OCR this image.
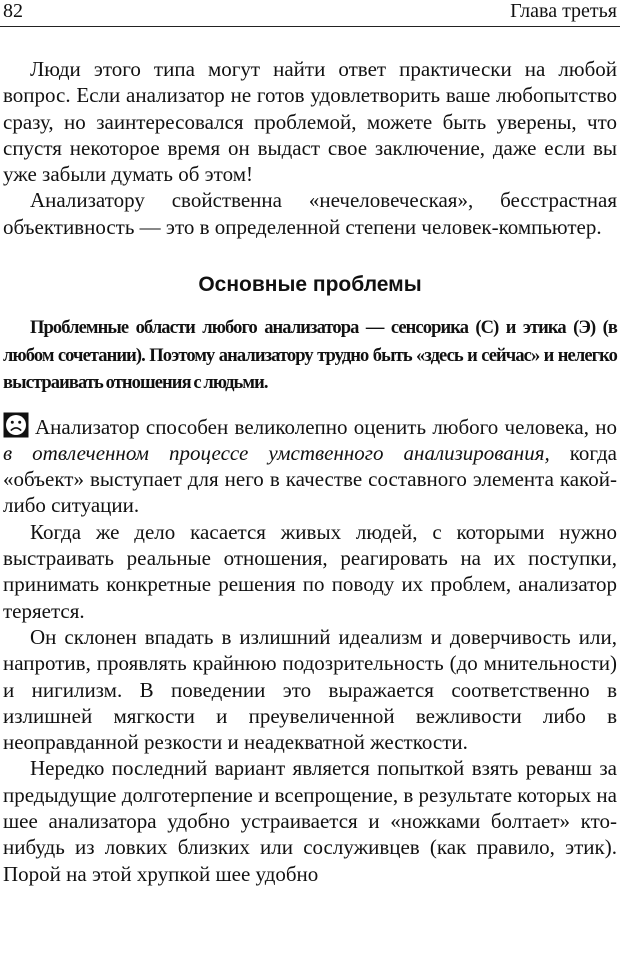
82	Глава третья

Люди этого типа могут найти ответ практически на любой вопрос. Если анализатор не готов удовлетворить ваше любопытство сразу, но заинтересовался проблемой, можете быть уверены, что спустя некоторое время он выдаст свое заключение, даже если вы уже забыли думать об этом!

Анализатору свойственна «нечеловеческая», бесстрастная объективность — это в определенной степени человек-компьютер.

Основные проблемы

Проблемные области любого анализатора — сенсорика (С) и этика (Э) (в любом сочетании). Поэтому анализатору трудно быть «здесь и сейчас» и нелегко выстраивать отношения с людьми.

Анализатор способен великолепно оценить любого человека, но в отвлеченном процессе умственного анализирования, когда «объект» выступает для него в качестве составного элемента какой-либо ситуации.

Когда же дело касается живых людей, с которыми нужно выстраивать реальные отношения, реагировать на их поступки, принимать конкретные решения по поводу их проблем, анализатор теряется.

Он склонен впадать в излишний идеализм и доверчивость или, напротив, проявлять крайнюю подозрительность (до мнительности) и нигилизм. В поведении это выражается соответственно в излишней мягкости и преувеличенной вежливости либо в неоправданной резкости и неадекватной жесткости.

Нередко последний вариант является попыткой взять реванш за предыдущие долготерпение и всепрощение, в результате которых на шее анализатора удобно устраивается и «ножками болтает» кто-нибудь из ловких близких или сослуживцев (как правило, этик). Порой на этой хрупкой шее удобно
